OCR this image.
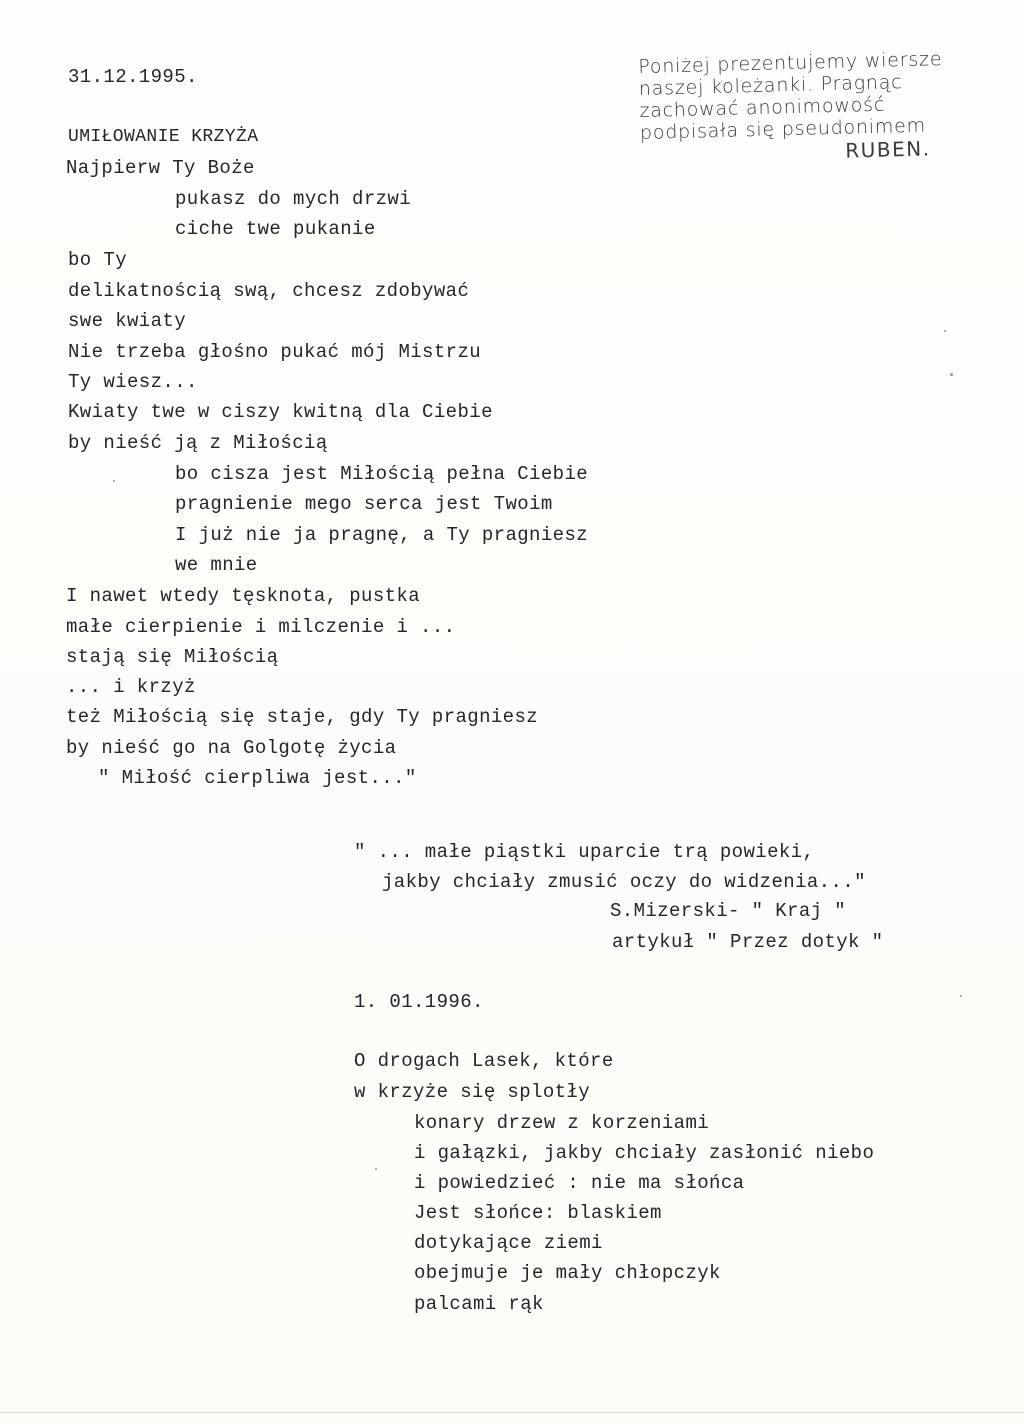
Poniżej prezentujemy wiersze
naszej koleżanki. Pragnąc
zachować anonimowość
podpisała się pseudonimem
RUBEN.
31.12.1995.
UMIŁOWANIE KRZYŻA
Najpierw Ty Boże
pukasz do mych drzwi
ciche twe pukanie
bo Ty
delikatnością swą, chcesz zdobywać
swe kwiaty
Nie trzeba głośno pukać mój Mistrzu
Ty wiesz...
Kwiaty twe w ciszy kwitną dla Ciebie
by nieść ją z Miłością
bo cisza jest Miłością pełna Ciebie
pragnienie mego serca jest Twoim
I już nie ja pragnę, a Ty pragniesz
we mnie
I nawet wtedy tęsknota, pustka
małe cierpienie i milczenie i ...
stają się Miłością
... i krzyż
też Miłością się staje, gdy Ty pragniesz
by nieść go na Golgotę życia
" Miłość cierpliwa jest..."
" ... małe piąstki uparcie trą powieki,
jakby chciały zmusić oczy do widzenia..."
S.Mizerski- " Kraj "
artykuł " Przez dotyk "
1. 01.1996.
O drogach Lasek, które
w krzyże się splotły
konary drzew z korzeniami
i gałązki, jakby chciały zasłonić niebo
i powiedzieć : nie ma słońca
Jest słońce: blaskiem
dotykające ziemi
obejmuje je mały chłopczyk
palcami rąk
